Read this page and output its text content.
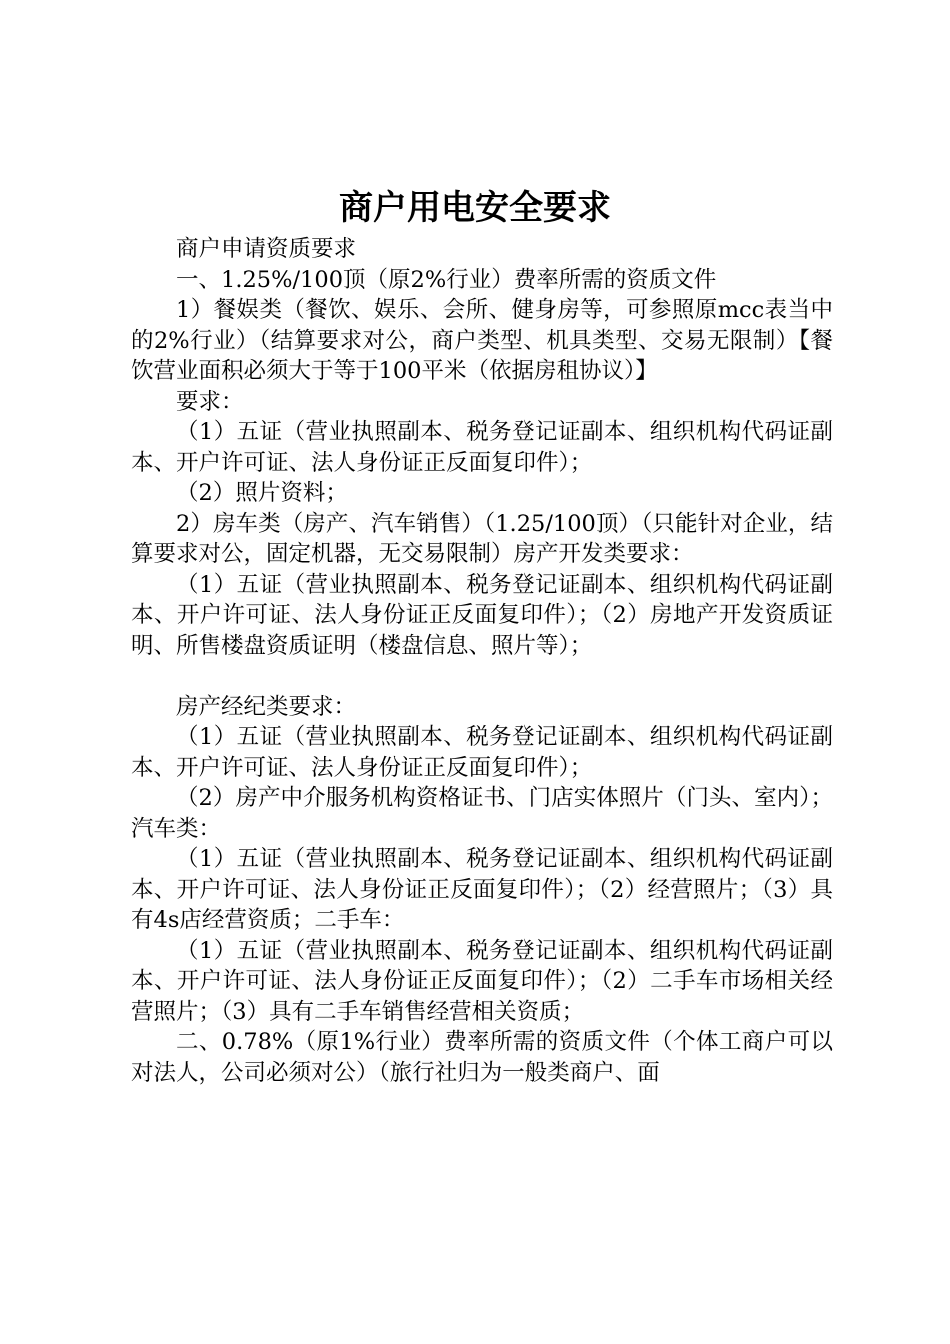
商户用电安全要求

商户申请资质要求

一、1.25%/100顶（原2%行业）费率所需的资质文件

1）餐娱类（餐饮、娱乐、会所、健身房等，可参照原mcc表当中的2%行业）（结算要求对公，商户类型、机具类型、交易无限制）【餐饮营业面积必须大于等于100平米（依据房租协议）】

要求：

（1）五证（营业执照副本、税务登记证副本、组织机构代码证副本、开户许可证、法人身份证正反面复印件）；

（2）照片资料；

2）房车类（房产、汽车销售）（1.25/100顶）（只能针对企业，结算要求对公，固定机器，无交易限制）房产开发类要求：

（1）五证（营业执照副本、税务登记证副本、组织机构代码证副本、开户许可证、法人身份证正反面复印件）；（2）房地产开发资质证明、所售楼盘资质证明（楼盘信息、照片等）；

房产经纪类要求：

（1）五证（营业执照副本、税务登记证副本、组织机构代码证副本、开户许可证、法人身份证正反面复印件）；

（2）房产中介服务机构资格证书、门店实体照片（门头、室内）；汽车类：

（1）五证（营业执照副本、税务登记证副本、组织机构代码证副本、开户许可证、法人身份证正反面复印件）；（2）经营照片；（3）具有4s店经营资质；二手车：

（1）五证（营业执照副本、税务登记证副本、组织机构代码证副本、开户许可证、法人身份证正反面复印件）；（2）二手车市场相关经营照片；（3）具有二手车销售经营相关资质；

二、0.78%（原1%行业）费率所需的资质文件（个体工商户可以对法人，公司必须对公）（旅行社归为一般类商户、面
